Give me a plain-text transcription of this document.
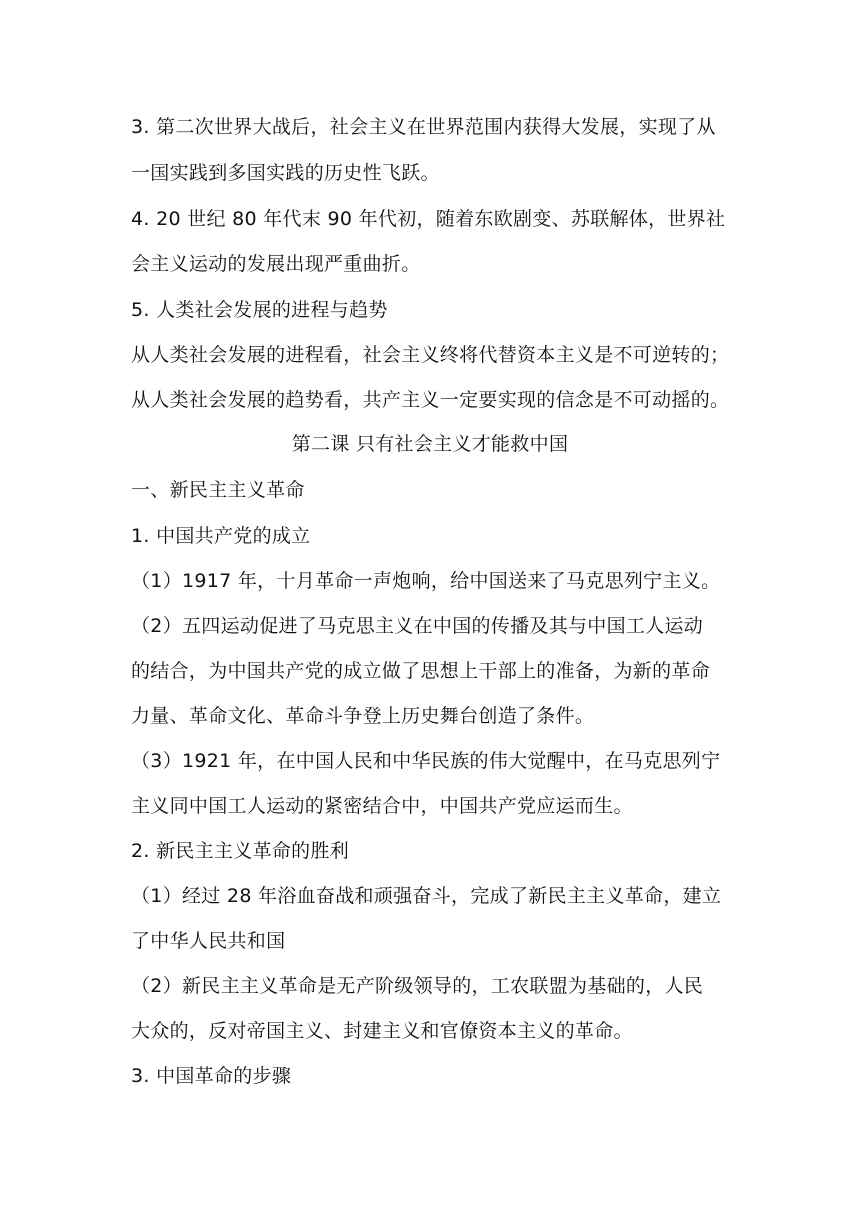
3. 第二次世界大战后，社会主义在世界范围内获得大发展，实现了从
一国实践到多国实践的历史性飞跃。
4. 20 世纪 80 年代末 90 年代初，随着东欧剧变、苏联解体，世界社
会主义运动的发展出现严重曲折。
5. 人类社会发展的进程与趋势
从人类社会发展的进程看，社会主义终将代替资本主义是不可逆转的；
从人类社会发展的趋势看，共产主义一定要实现的信念是不可动摇的。
第二课 只有社会主义才能救中国
一、新民主主义革命
1. 中国共产党的成立
（1）1917 年，十月革命一声炮响，给中国送来了马克思列宁主义。
（2）五四运动促进了马克思主义在中国的传播及其与中国工人运动
的结合，为中国共产党的成立做了思想上干部上的准备，为新的革命
力量、革命文化、革命斗争登上历史舞台创造了条件。
（3）1921 年，在中国人民和中华民族的伟大觉醒中，在马克思列宁
主义同中国工人运动的紧密结合中，中国共产党应运而生。
2. 新民主主义革命的胜利
（1）经过 28 年浴血奋战和顽强奋斗，完成了新民主主义革命，建立
了中华人民共和国
（2）新民主主义革命是无产阶级领导的，工农联盟为基础的，人民
大众的，反对帝国主义、封建主义和官僚资本主义的革命。
3. 中国革命的步骤
